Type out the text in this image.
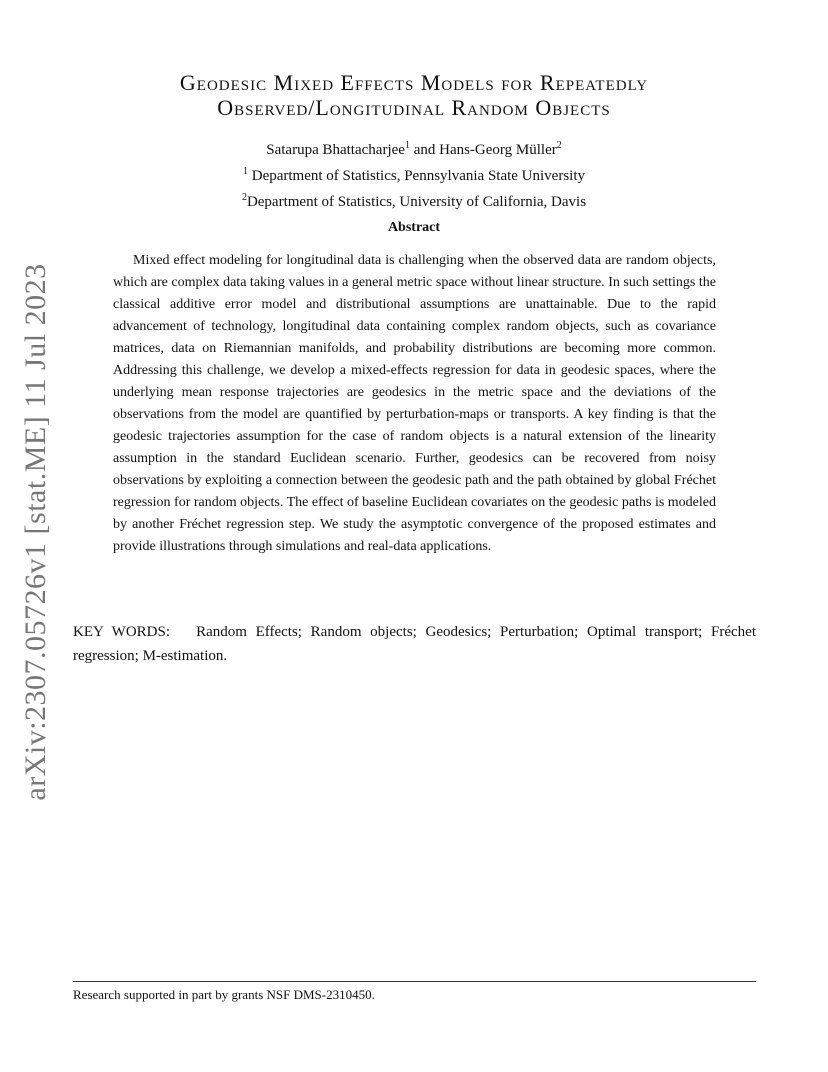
arXiv:2307.05726v1 [stat.ME] 11 Jul 2023
Geodesic Mixed Effects Models for Repeatedly
Observed/Longitudinal Random Objects
Satarupa Bhattacharjee$^1$ and Hans-Georg Müller$^2$
$^1$ Department of Statistics, Pennsylvania State University
$^2$Department of Statistics, University of California, Davis
Abstract

Mixed effect modeling for longitudinal data is challenging when the observed data are random objects, which are complex data taking values in a general metric space without linear structure. In such settings the classical additive error model and distributional assumptions are unattainable. Due to the rapid advancement of technology, longitudinal data containing complex random objects, such as covariance matrices, data on Riemannian manifolds, and probability distributions are becoming more common. Addressing this challenge, we develop a mixed-effects regression for data in geodesic spaces, where the underlying mean response trajectories are geodesics in the metric space and the deviations of the observations from the model are quantified by perturbation-maps or transports. A key finding is that the geodesic trajectories assumption for the case of random objects is a natural extension of the linearity assumption in the standard Euclidean scenario. Further, geodesics can be recovered from noisy observations by exploiting a connection between the geodesic path and the path obtained by global Fréchet regression for random objects. The effect of baseline Euclidean covariates on the geodesic paths is modeled by another Fréchet regression step. We study the asymptotic convergence of the proposed estimates and provide illustrations through simulations and real-data applications.

KEY WORDS: Random Effects; Random objects; Geodesics; Perturbation; Optimal transport; Fréchet regression; M-estimation.

Research supported in part by grants NSF DMS-2310450.
